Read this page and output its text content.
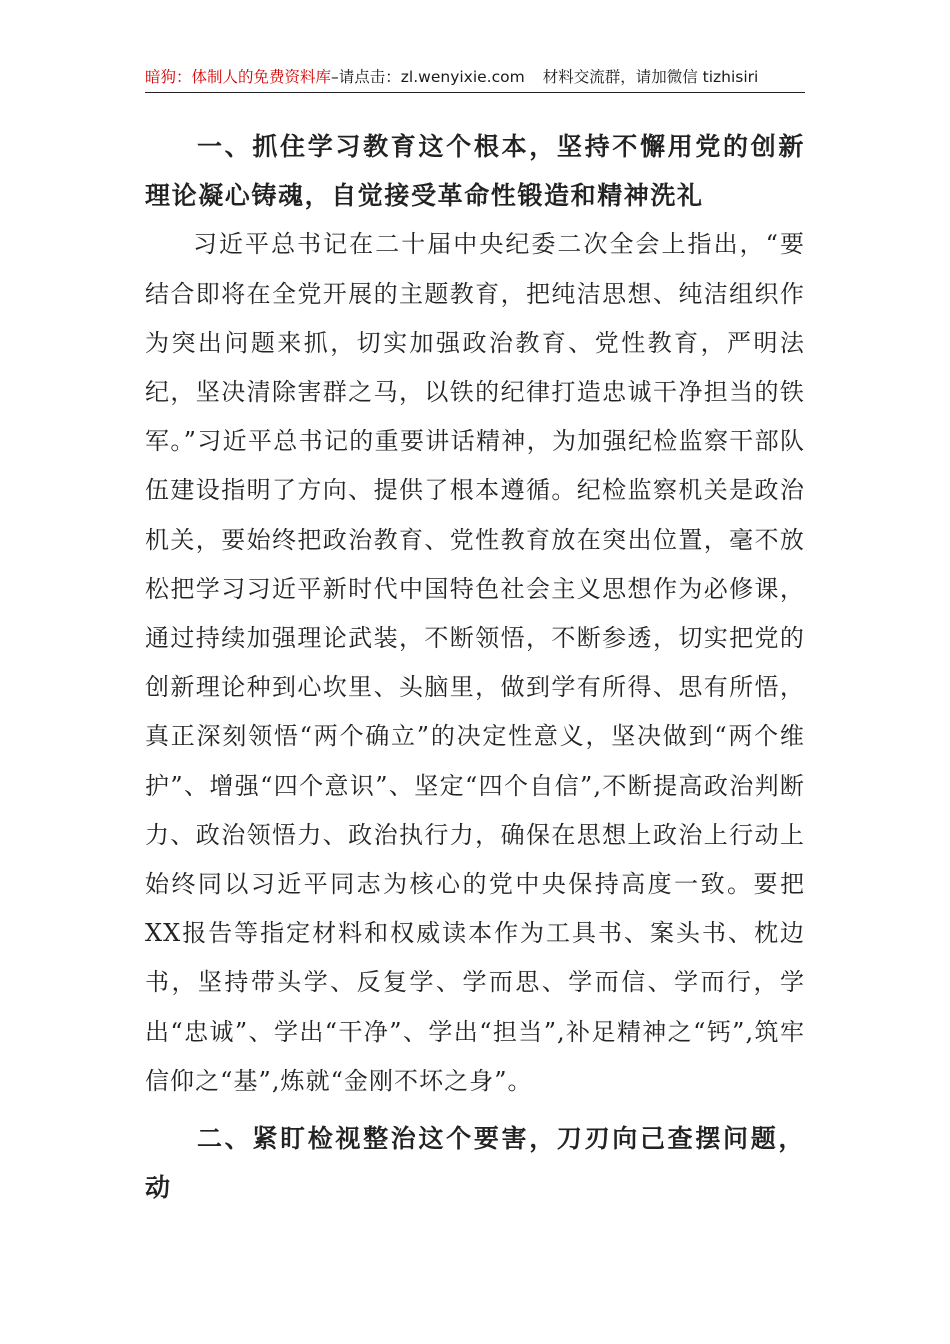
暗狗：体制人的免费资料库–请点击：zl.wenyixie.com 材料交流群，请加微信 tizhisiri

一、抓住学习教育这个根本，坚持不懈用党的创新理论凝心铸魂，自觉接受革命性锻造和精神洗礼

习近平总书记在二十届中央纪委二次全会上指出，“要结合即将在全党开展的主题教育，把纯洁思想、纯洁组织作为突出问题来抓，切实加强政治教育、党性教育，严明法纪，坚决清除害群之马，以铁的纪律打造忠诚干净担当的铁军。”习近平总书记的重要讲话精神，为加强纪检监察干部队伍建设指明了方向、提供了根本遵循。纪检监察机关是政治机关，要始终把政治教育、党性教育放在突出位置，毫不放松把学习习近平新时代中国特色社会主义思想作为必修课，通过持续加强理论武装，不断领悟，不断参透，切实把党的创新理论种到心坎里、头脑里，做到学有所得、思有所悟，真正深刻领悟“两个确立”的决定性意义，坚决做到“两个维护”、增强“四个意识”、坚定“四个自信”,不断提高政治判断力、政治领悟力、政治执行力，确保在思想上政治上行动上始终同以习近平同志为核心的党中央保持高度一致。要把XX报告等指定材料和权威读本作为工具书、案头书、枕边书，坚持带头学、反复学、学而思、学而信、学而行，学出“忠诚”、学出“干净”、学出“担当”,补足精神之“钙”,筑牢信仰之“基”,炼就“金刚不坏之身”。

二、紧盯检视整治这个要害，刀刃向己查摆问题，动
